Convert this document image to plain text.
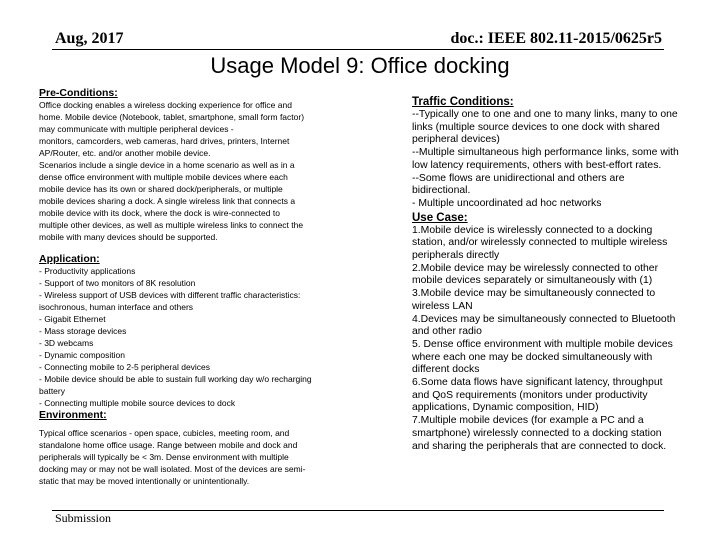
Aug, 2017	doc.: IEEE 802.11-2015/0625r5
Usage Model 9: Office docking
Pre-Conditions:
Office docking enables a wireless docking experience for office and
home. Mobile device (Notebook, tablet, smartphone, small form factor)
may communicate with multiple peripheral devices -
monitors, camcorders, web cameras, hard drives, printers, Internet
AP/Router, etc. and/or another mobile device.
Scenarios include a single device in a home scenario as well as in a
dense office environment with multiple mobile devices where each
mobile device has its own or shared dock/peripherals, or multiple
mobile devices sharing a dock. A single wireless link that connects a
mobile device with its dock, where the dock is wire-connected to
multiple other devices, as well as multiple wireless links to connect the
mobile with many devices should be supported.
Application:
- Productivity applications
- Support of two monitors of 8K resolution
- Wireless support of USB devices with different traffic characteristics:
isochronous, human interface and others
- Gigabit Ethernet
- Mass storage devices
- 3D webcams
- Dynamic composition
- Connecting mobile to 2-5 peripheral devices
- Mobile device should be able to sustain full working day w/o recharging
battery
- Connecting multiple mobile source devices to dock
Environment:
Typical office scenarios - open space, cubicles, meeting room, and
standalone home office usage. Range between mobile and dock and
peripherals will typically be < 3m. Dense environment with multiple
docking may or may not be wall isolated. Most of the devices are semi-
static that may be moved intentionally or unintentionally.
Traffic Conditions:
--Typically one to one and one to many links, many to one
links (multiple source devices to one dock with shared
peripheral devices)
--Multiple simultaneous high performance links, some with
low latency requirements, others with best-effort rates.
--Some flows are unidirectional and others are
bidirectional.
- Multiple uncoordinated ad hoc networks
Use Case:
1.Mobile device is wirelessly connected to a docking
station, and/or wirelessly connected to multiple wireless
peripherals directly
2.Mobile device may be wirelessly connected to other
mobile devices separately or simultaneously with (1)
3.Mobile device may be simultaneously connected to
wireless LAN
4.Devices may be simultaneously connected to Bluetooth
and other radio
5. Dense office environment with multiple mobile devices
where each one may be docked simultaneously with
different docks
6.Some data flows have significant latency, throughput
and QoS requirements (monitors under productivity
applications, Dynamic composition, HID)
7.Multiple mobile devices (for example a PC and a
smartphone) wirelessly connected to a docking station
and sharing the peripherals that are connected to dock.
Submission
